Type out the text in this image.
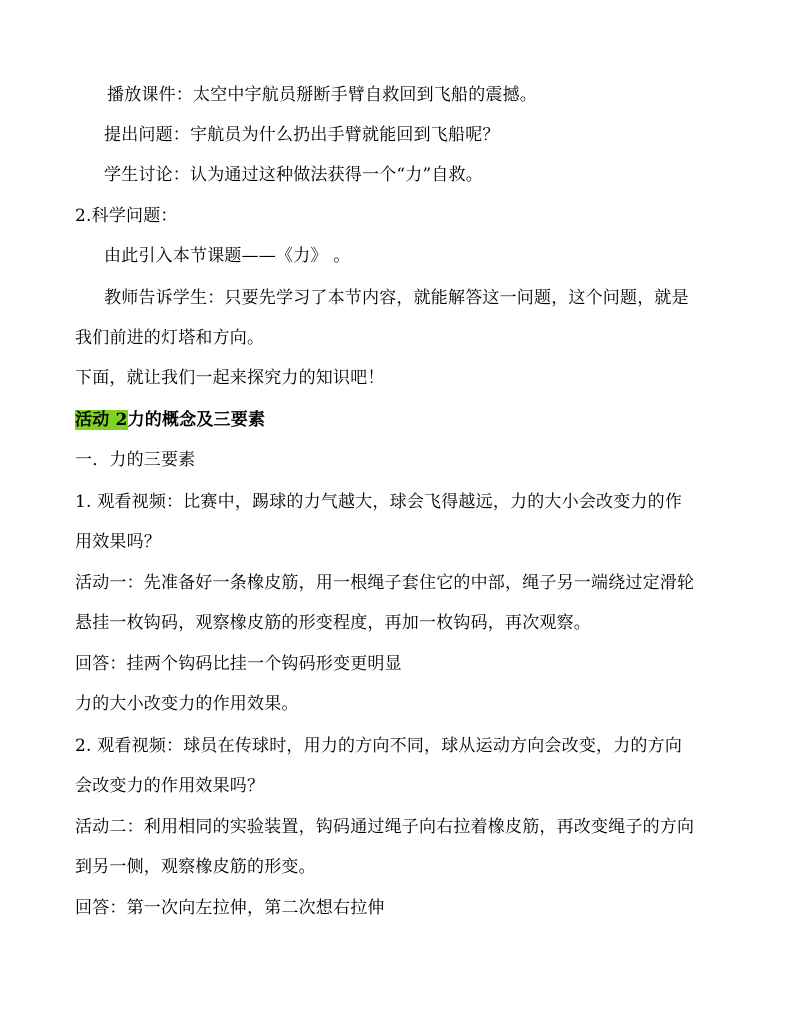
播放课件：太空中宇航员掰断手臂自救回到飞船的震撼。
提出问题：宇航员为什么扔出手臂就能回到飞船呢？
学生讨论：认为通过这种做法获得一个“力”自救。
2.科学问题：
由此引入本节课题——《力》 。
教师告诉学生：只要先学习了本节内容，就能解答这一问题，这个问题，就是
我们前进的灯塔和方向。
下面，就让我们一起来探究力的知识吧！
活动 2力的概念及三要素
一．力的三要素
1. 观看视频：比赛中，踢球的力气越大，球会飞得越远，力的大小会改变力的作
用效果吗？
活动一：先准备好一条橡皮筋，用一根绳子套住它的中部，绳子另一端绕过定滑轮
悬挂一枚钩码，观察橡皮筋的形变程度，再加一枚钩码，再次观察。
回答：挂两个钩码比挂一个钩码形变更明显
力的大小改变力的作用效果。
2. 观看视频：球员在传球时，用力的方向不同，球从运动方向会改变，力的方向
会改变力的作用效果吗？
活动二：利用相同的实验装置，钩码通过绳子向右拉着橡皮筋，再改变绳子的方向
到另一侧，观察橡皮筋的形变。
回答：第一次向左拉伸，第二次想右拉伸
